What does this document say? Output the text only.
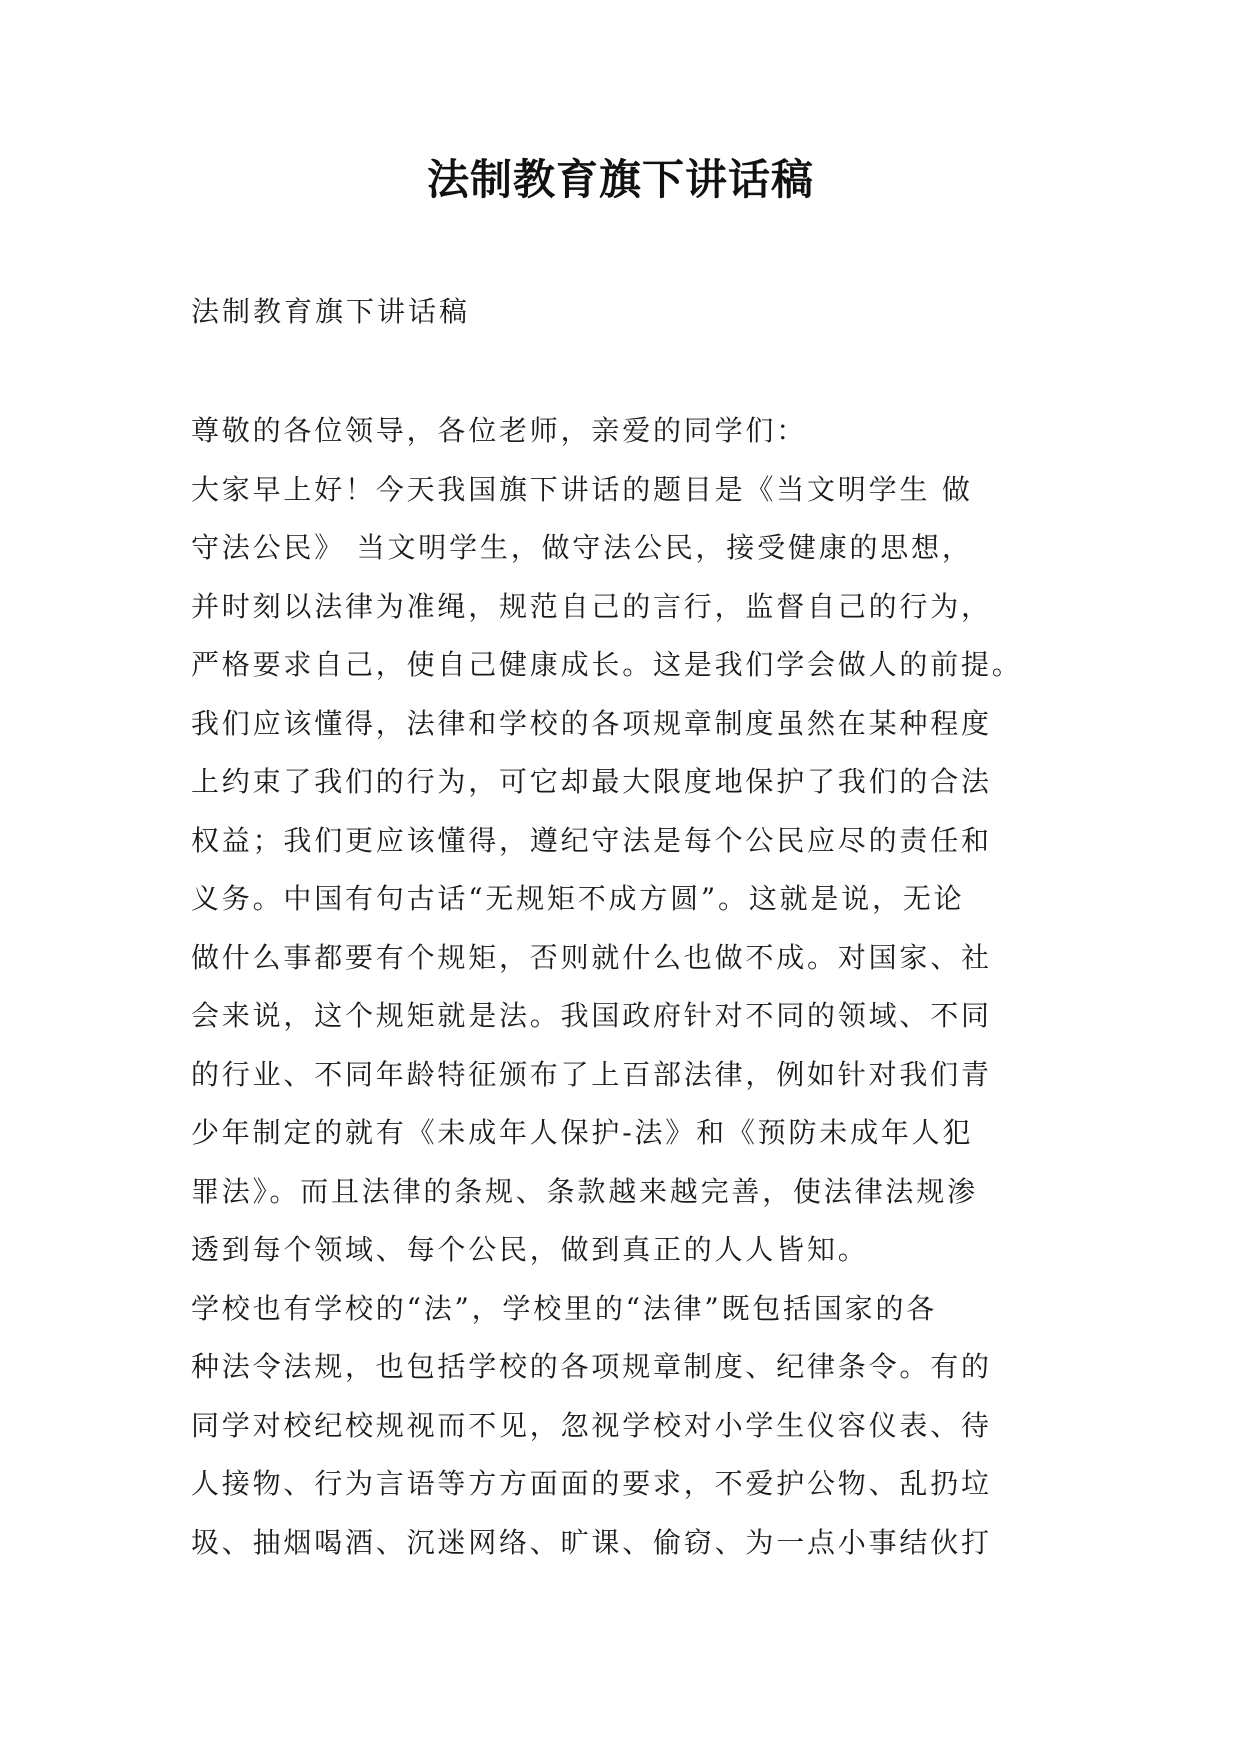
法制教育旗下讲话稿
法制教育旗下讲话稿
尊敬的各位领导，各位老师，亲爱的同学们：
大家早上好！今天我国旗下讲话的题目是《当文明学生 做
守法公民》 当文明学生，做守法公民，接受健康的思想，
并时刻以法律为准绳，规范自己的言行，监督自己的行为，
严格要求自己，使自己健康成长。这是我们学会做人的前提。
我们应该懂得，法律和学校的各项规章制度虽然在某种程度
上约束了我们的行为，可它却最大限度地保护了我们的合法
权益；我们更应该懂得，遵纪守法是每个公民应尽的责任和
义务。中国有句古话“无规矩不成方圆”。这就是说，无论
做什么事都要有个规矩，否则就什么也做不成。对国家、社
会来说，这个规矩就是法。我国政府针对不同的领域、不同
的行业、不同年龄特征颁布了上百部法律，例如针对我们青
少年制定的就有《未成年人保护-法》和《预防未成年人犯
罪法》。而且法律的条规、条款越来越完善，使法律法规渗
透到每个领域、每个公民，做到真正的人人皆知。
学校也有学校的“法”，学校里的“法律”既包括国家的各
种法令法规，也包括学校的各项规章制度、纪律条令。有的
同学对校纪校规视而不见，忽视学校对小学生仪容仪表、待
人接物、行为言语等方方面面的要求，不爱护公物、乱扔垃
圾、抽烟喝酒、沉迷网络、旷课、偷窃、为一点小事结伙打
